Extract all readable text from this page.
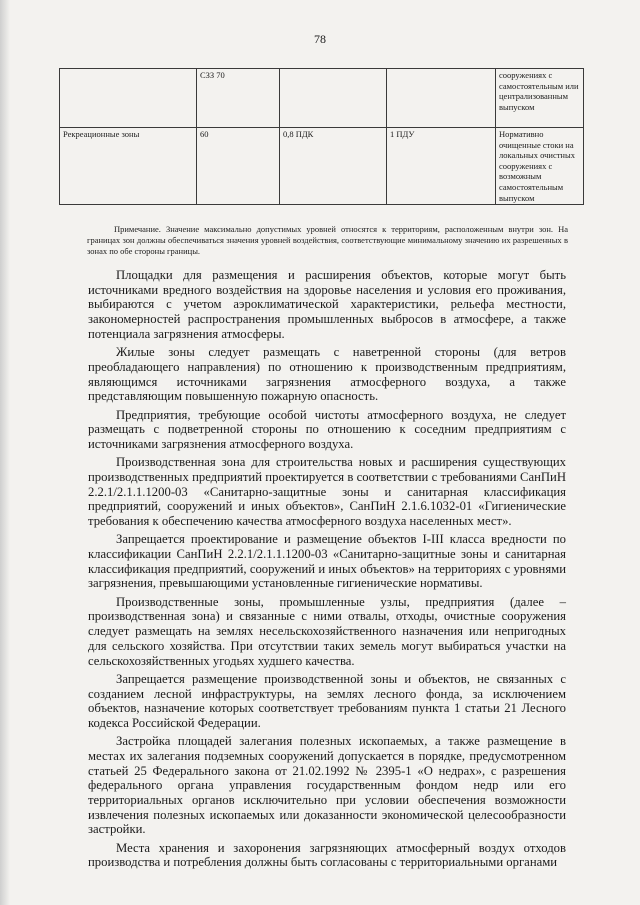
78
	СЗЗ 70			сооружениях с самостоятельным или централизованным выпуском
Рекреационные зоны	60	0,8 ПДК	1 ПДУ	Нормативно очищенные стоки на локальных очистных сооружениях с возможным самостоятельным выпуском
Примечание. Значение максимально допустимых уровней относятся к территориям, расположенным внутри зон. На границах зон должны обеспечиваться значения уровней воздействия, соответствующие минимальному значению их разрешенных в зонах по обе стороны границы.

Площадки для размещения и расширения объектов, которые могут быть источниками вредного воздействия на здоровье населения и условия его проживания, выбираются с учетом аэроклиматической характеристики, рельефа местности, закономерностей распространения промышленных выбросов в атмосфере, а также потенциала загрязнения атмосферы.

Жилые зоны следует размещать с наветренной стороны (для ветров преобладающего направления) по отношению к производственным предприятиям, являющимся источниками загрязнения атмосферного воздуха, а также представляющим повышенную пожарную опасность.

Предприятия, требующие особой чистоты атмосферного воздуха, не следует размещать с подветренной стороны по отношению к соседним предприятиям с источниками загрязнения атмосферного воздуха.

Производственная зона для строительства новых и расширения существующих производственных предприятий проектируется в соответствии с требованиями СанПиН 2.2.1/2.1.1.1200-03 «Санитарно-защитные зоны и санитарная классификация предприятий, сооружений и иных объектов», СанПиН 2.1.6.1032-01 «Гигиенические требования к обеспечению качества атмосферного воздуха населенных мест».

Запрещается проектирование и размещение объектов I-III класса вредности по классификации СанПиН 2.2.1/2.1.1.1200-03 «Санитарно-защитные зоны и санитарная классификация предприятий, сооружений и иных объектов» на территориях с уровнями загрязнения, превышающими установленные гигиенические нормативы.

Производственные зоны, промышленные узлы, предприятия (далее – производственная зона) и связанные с ними отвалы, отходы, очистные сооружения следует размещать на землях несельскохозяйственного назначения или непригодных для сельского хозяйства. При отсутствии таких земель могут выбираться участки на сельскохозяйственных угодьях худшего качества.

Запрещается размещение производственной зоны и объектов, не связанных с созданием лесной инфраструктуры, на землях лесного фонда, за исключением объектов, назначение которых соответствует требованиям пункта 1 статьи 21 Лесного кодекса Российской Федерации.

Застройка площадей залегания полезных ископаемых, а также размещение в местах их залегания подземных сооружений допускается в порядке, предусмотренном статьей 25 Федерального закона от 21.02.1992 № 2395-1 «О недрах», с разрешения федерального органа управления государственным фондом недр или его территориальных органов исключительно при условии обеспечения возможности извлечения полезных ископаемых или доказанности экономической целесообразности застройки.

Места хранения и захоронения загрязняющих атмосферный воздух отходов производства и потребления должны быть согласованы с территориальными органами
